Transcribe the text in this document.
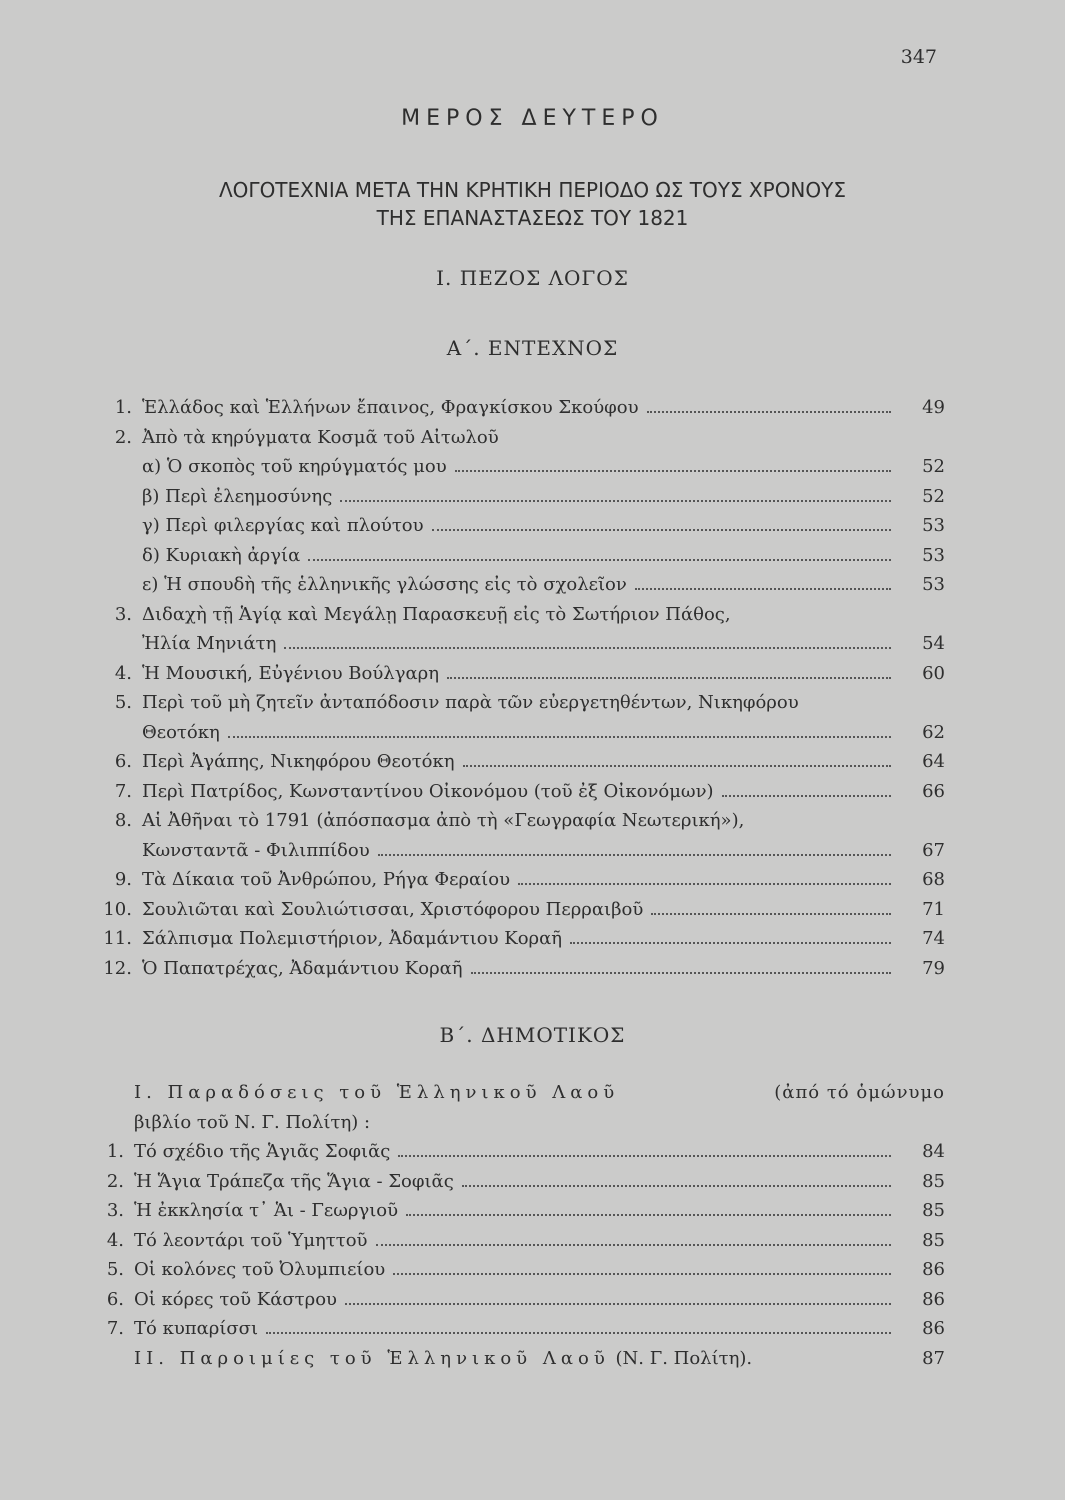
347
ΜΕΡΟΣ ΔΕΥΤΕΡΟ
ΛΟΓΟΤΕΧΝΙΑ ΜΕΤΑ ΤΗΝ ΚΡΗΤΙΚΗ ΠΕΡΙΟΔΟ ΩΣ ΤΟΥΣ ΧΡΟΝΟΥΣ
ΤΗΣ ΕΠΑΝΑΣΤΑΣΕΩΣ ΤΟΥ 1821
Ι. ΠΕΖΟΣ ΛΟΓΟΣ
Α΄. ΕΝΤΕΧΝΟΣ
1. Ἑλλάδος καὶ Ἑλλήνων ἔπαινος, Φραγκίσκου Σκούφου	49
2. Ἀπὸ τὰ κηρύγματα Κοσμᾶ τοῦ Αἰτωλοῦ
α) Ὁ σκοπὸς τοῦ κηρύγματός μου	52
β) Περὶ ἐλεημοσύνης	52
γ) Περὶ φιλεργίας καὶ πλούτου	53
δ) Κυριακὴ ἀργία	53
ε) Ἡ σπουδὴ τῆς ἑλληνικῆς γλώσσης εἰς τὸ σχολεῖον	53
3. Διδαχὴ τῇ Ἁγίᾳ καὶ Μεγάλῃ Παρασκευῇ εἰς τὸ Σωτήριον Πάθος,
Ἠλία Μηνιάτη	54
4. Ἡ Μουσική, Εὐγένιου Βούλγαρη	60
5. Περὶ τοῦ μὴ ζητεῖν ἀνταπόδοσιν παρὰ τῶν εὐεργετηθέντων, Νικηφόρου
Θεοτόκη	62
6. Περὶ Ἀγάπης, Νικηφόρου Θεοτόκη	64
7. Περὶ Πατρίδος, Κωνσταντίνου Οἰκονόμου (τοῦ ἐξ Οἰκονόμων)	66
8. Αἱ Ἀθῆναι τὸ 1791 (ἀπόσπασμα ἀπὸ τὴ «Γεωγραφία Νεωτερική»),
Κωνσταντᾶ - Φιλιππίδου	67
9. Τὰ Δίκαια τοῦ Ἀνθρώπου, Ρήγα Φεραίου	68
10. Σουλιῶται καὶ Σουλιώτισσαι, Χριστόφορου Περραιβοῦ	71
11. Σάλπισμα Πολεμιστήριον, Ἀδαμάντιου Κοραῆ	74
12. Ὁ Παπατρέχας, Ἀδαμάντιου Κοραῆ	79
Β΄. ΔΗΜΟΤΙΚΟΣ
Ι. Παραδόσεις τοῦ Ἑλληνικοῦ Λαοῦ	(ἀπό τό ὁμώνυμο
βιβλίο τοῦ Ν. Γ. Πολίτη) :
1. Τό σχέδιο τῆς Ἁγιᾶς Σοφιᾶς	84
2. Ἡ Ἅγια Τράπεζα τῆς Ἅγια - Σοφιᾶς	85
3. Ἡ ἐκκλησία τ᾿ Ἁι - Γεωργιοῦ	85
4. Τό λεοντάρι τοῦ Ὑμηττοῦ	85
5. Οἱ κολόνες τοῦ Ὀλυμπιείου	86
6. Οἱ κόρες τοῦ Κάστρου	86
7. Τό κυπαρίσσι	86
ΙΙ. Παροιμίες τοῦ Ἑλληνικοῦ Λαοῦ (Ν. Γ. Πολίτη).	87
